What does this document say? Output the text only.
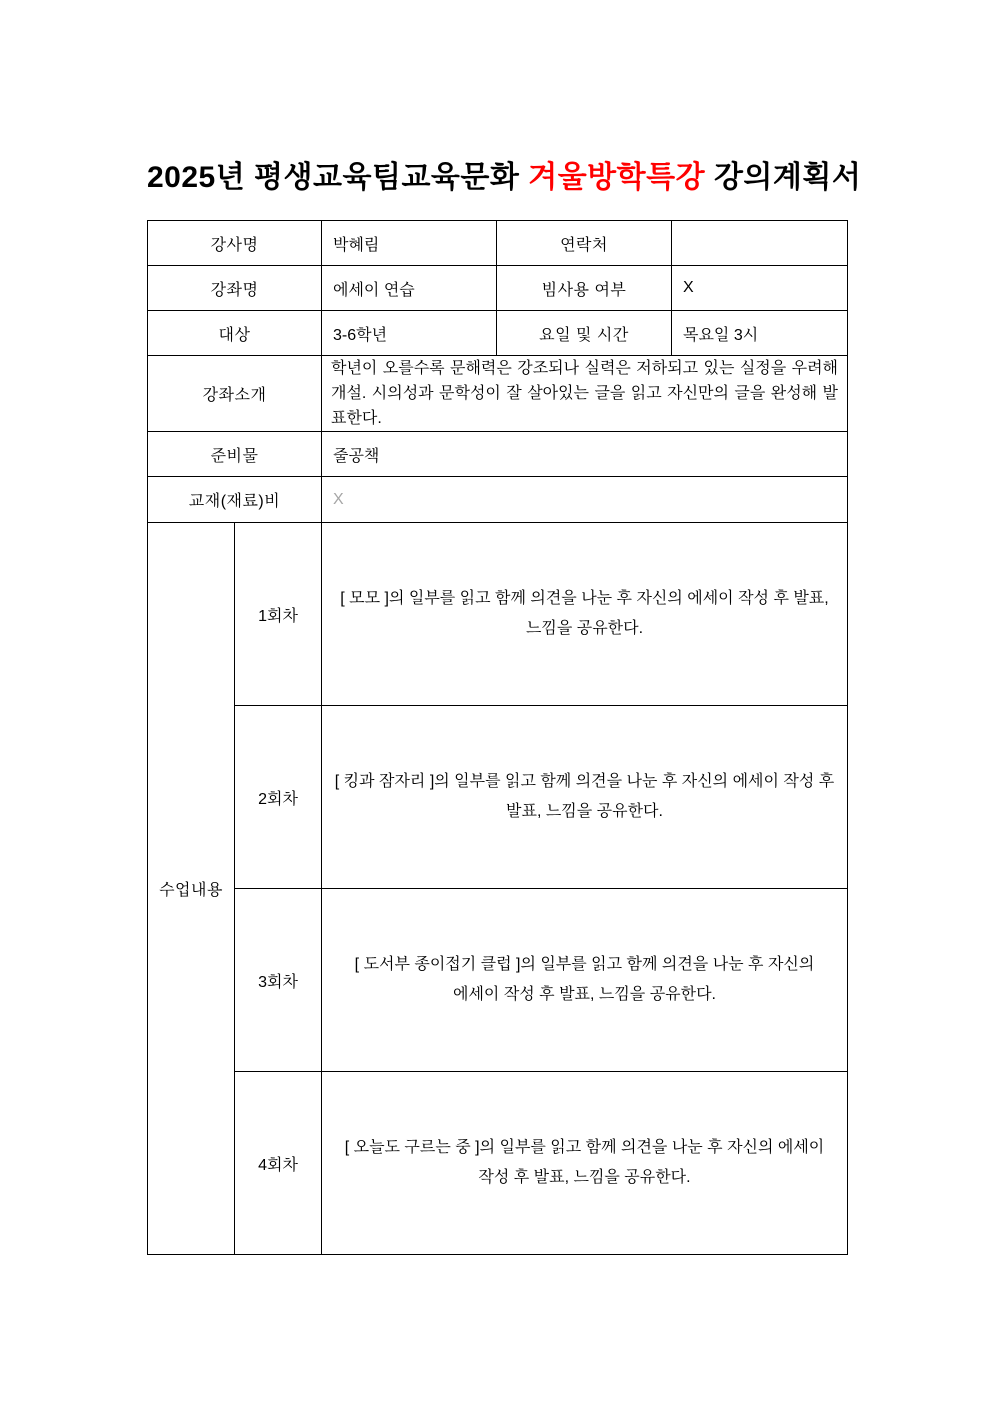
2025년 평생교육팀교육문화 겨울방학특강 강의계획서
강사명		박혜림	연락처	
강좌명		에세이 연습	빔사용 여부	X
대상		3-6학년	요일 및 시간	목요일 3시
강좌소개		학년이 오를수록 문해력은 강조되나 실력은 저하되고 있는 실정을 우려해 개설. 시의성과 문학성이 잘 살아있는 글을 읽고 자신만의 글을 완성해 발표한다.		
준비물		줄공책		
교재(재료)비		X		
수업내용	1회차	[ 모모 ]의 일부를 읽고 함께 의견을 나눈 후 자신의 에세이 작성 후 발표, 느낌을 공유한다.		
	2회차	[ 킹과 잠자리 ]의 일부를 읽고 함께 의견을 나눈 후 자신의 에세이 작성 후 발표, 느낌을 공유한다.		
	3회차	[ 도서부 종이접기 클럽 ]의 일부를 읽고 함께 의견을 나눈 후 자신의 에세이 작성 후 발표, 느낌을 공유한다.		
	4회차	[ 오늘도 구르는 중 ]의 일부를 읽고 함께 의견을 나눈 후 자신의 에세이 작성 후 발표, 느낌을 공유한다.		
